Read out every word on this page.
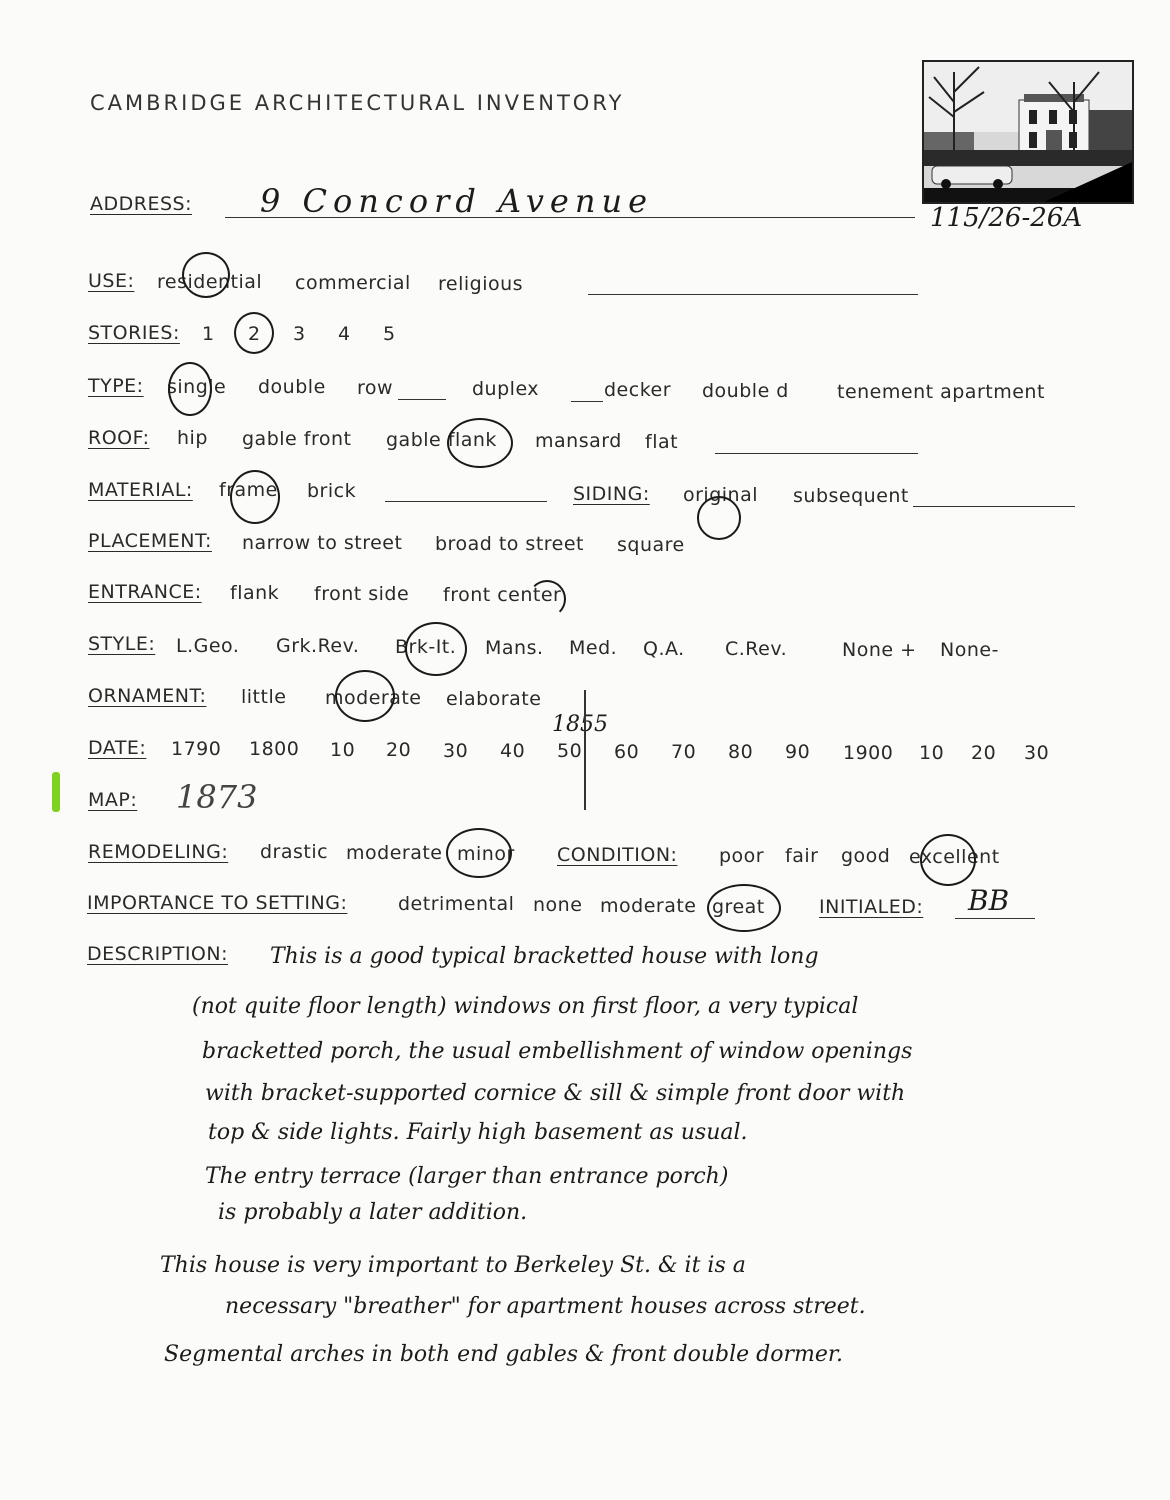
CAMBRIDGE ARCHITECTURAL INVENTORY
115/26-26A
ADDRESS: 9 Concord Avenue
USE: residential commercial religious
STORIES: 1 2 3 4 5
TYPE: single double row	duplex	decker double d	tenement apartment
ROOF: hip gable front gable flank mansard flat
MATERIAL: frame brick	SIDING: original subsequent
PLACEMENT: narrow to street broad to street square
ENTRANCE: flank front side front center
STYLE: L.Geo. Grk.Rev. Brk-It. Mans. Med. Q.A. C.Rev.	None + None-
ORNAMENT: little moderate elaborate
DATE: 1790 1800 10 20 30 40 50 60 70 80 90 1900 10 20 30
1855
MAP: 1873
REMODELING: drastic moderate minor CONDITION: poor fair good excellent
IMPORTANCE TO SETTING:	detrimental none moderate great	INITIALED: BB
DESCRIPTION: This is a good typical bracketted house with long
(not quite floor length) windows on first floor, a very typical
bracketted porch, the usual embellishment of window openings
with bracket-supported cornice & sill & simple front door with
top & side lights. Fairly high basement as usual.
The entry terrace (larger than entrance porch)
is probably a later addition.
This house is very important to Berkeley St. & it is a
necessary "breather" for apartment houses across street.
Segmental arches in both end gables & front double dormer.
